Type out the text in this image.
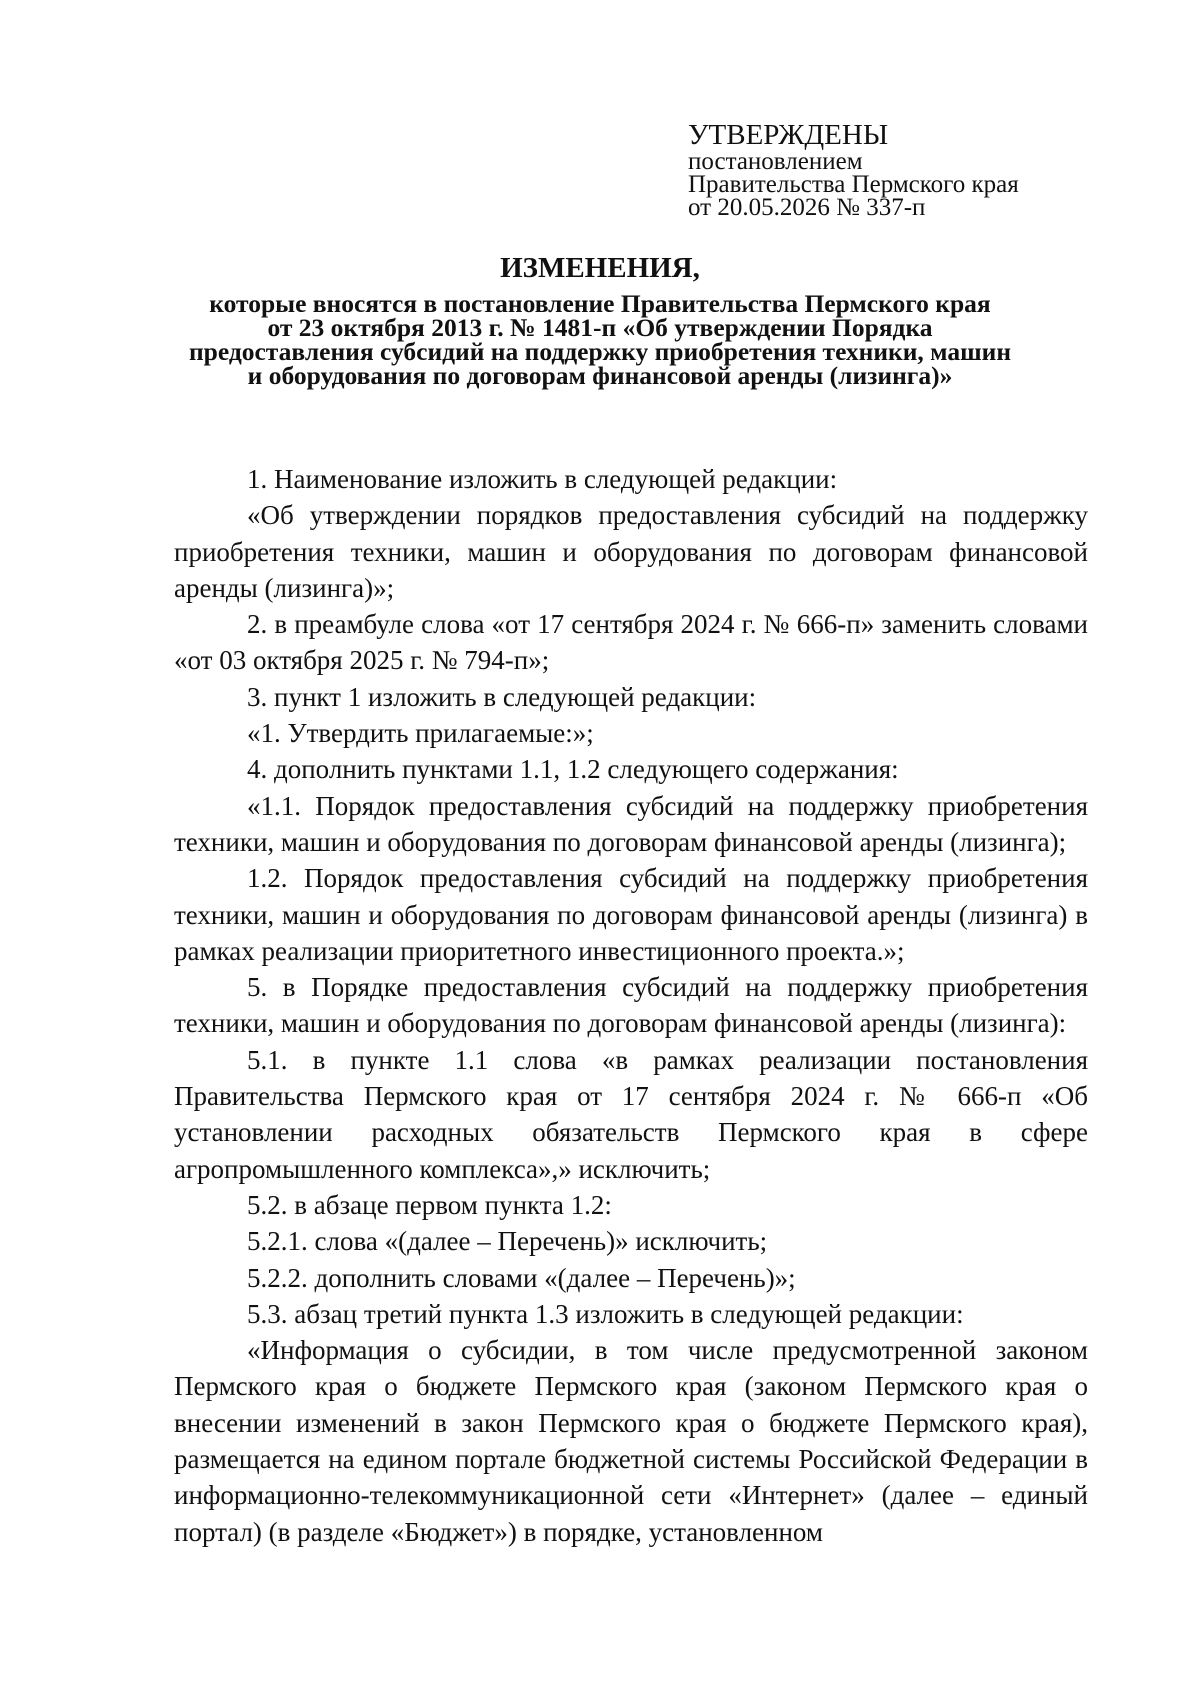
УТВЕРЖДЕНЫ
постановлением
Правительства Пермского края
от 20.05.2026 № 337-п
ИЗМЕНЕНИЯ,
которые вносятся в постановление Правительства Пермского края
от 23 октября 2013 г. № 1481-п «Об утверждении Порядка
предоставления субсидий на поддержку приобретения техники, машин
и оборудования по договорам финансовой аренды (лизинга)»

1. Наименование изложить в следующей редакции:

«Об утверждении порядков предоставления субсидий на поддержку приобретения техники, машин и оборудования по договорам финансовой аренды (лизинга)»;

2. в преамбуле слова «от 17 сентября 2024 г. № 666-п» заменить словами «от 03 октября 2025 г. № 794-п»;

3. пункт 1 изложить в следующей редакции:

«1. Утвердить прилагаемые:»;

4. дополнить пунктами 1.1, 1.2 следующего содержания:

«1.1. Порядок предоставления субсидий на поддержку приобретения техники, машин и оборудования по договорам финансовой аренды (лизинга);

1.2. Порядок предоставления субсидий на поддержку приобретения техники, машин и оборудования по договорам финансовой аренды (лизинга) в рамках реализации приоритетного инвестиционного проекта.»;

5. в Порядке предоставления субсидий на поддержку приобретения техники, машин и оборудования по договорам финансовой аренды (лизинга):

5.1. в пункте 1.1 слова «в рамках реализации постановления Правительства Пермского края от 17 сентября 2024 г. № 666-п «Об установлении расходных обязательств Пермского края в сфере агропромышленного комплекса»,» исключить;

5.2. в абзаце первом пункта 1.2:

5.2.1. слова «(далее – Перечень)» исключить;

5.2.2. дополнить словами «(далее – Перечень)»;

5.3. абзац третий пункта 1.3 изложить в следующей редакции:

«Информация о субсидии, в том числе предусмотренной законом Пермского края о бюджете Пермского края (законом Пермского края о внесении изменений в закон Пермского края о бюджете Пермского края), размещается на едином портале бюджетной системы Российской Федерации в информационно-телекоммуникационной сети «Интернет» (далее – единый портал) (в разделе «Бюджет») в порядке, установленном
